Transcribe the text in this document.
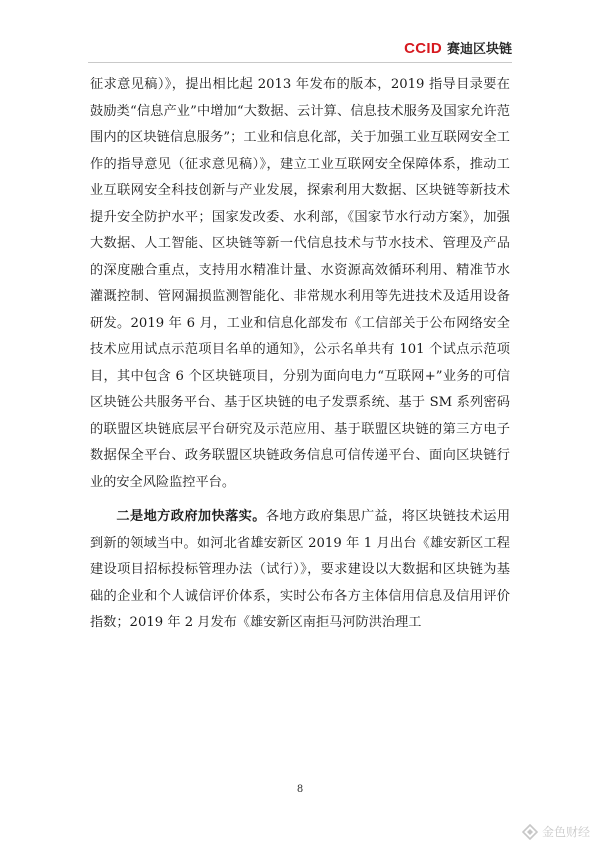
CCID 赛迪区块链

征求意见稿）》，提出相比起 2013 年发布的版本，2019 指导目录要在鼓励类“信息产业”中增加“大数据、云计算、信息技术服务及国家允许范围内的区块链信息服务”；工业和信息化部，关于加强工业互联网安全工作的指导意见（征求意见稿）》，建立工业互联网安全保障体系，推动工业互联网安全科技创新与产业发展，探索利用大数据、区块链等新技术提升安全防护水平；国家发改委、水利部，《国家节水行动方案》，加强大数据、人工智能、区块链等新一代信息技术与节水技术、管理及产品的深度融合重点，支持用水精准计量、水资源高效循环利用、精准节水灌溉控制、管网漏损监测智能化、非常规水利用等先进技术及适用设备研发。2019 年 6 月，工业和信息化部发布《工信部关于公布网络安全技术应用试点示范项目名单的通知》，公示名单共有 101 个试点示范项目，其中包含 6 个区块链项目，分别为面向电力“互联网+”业务的可信区块链公共服务平台、基于区块链的电子发票系统、基于 SM 系列密码的联盟区块链底层平台研究及示范应用、基于联盟区块链的第三方电子数据保全平台、政务联盟区块链政务信息可信传递平台、面向区块链行业的安全风险监控平台。

二是地方政府加快落实。各地方政府集思广益，将区块链技术运用到新的领域当中。如河北省雄安新区 2019 年 1 月出台《雄安新区工程建设项目招标投标管理办法（试行）》，要求建设以大数据和区块链为基础的企业和个人诚信评价体系，实时公布各方主体信用信息及信用评价指数；2019 年 2 月发布《雄安新区南拒马河防洪治理工

8
金色财经
